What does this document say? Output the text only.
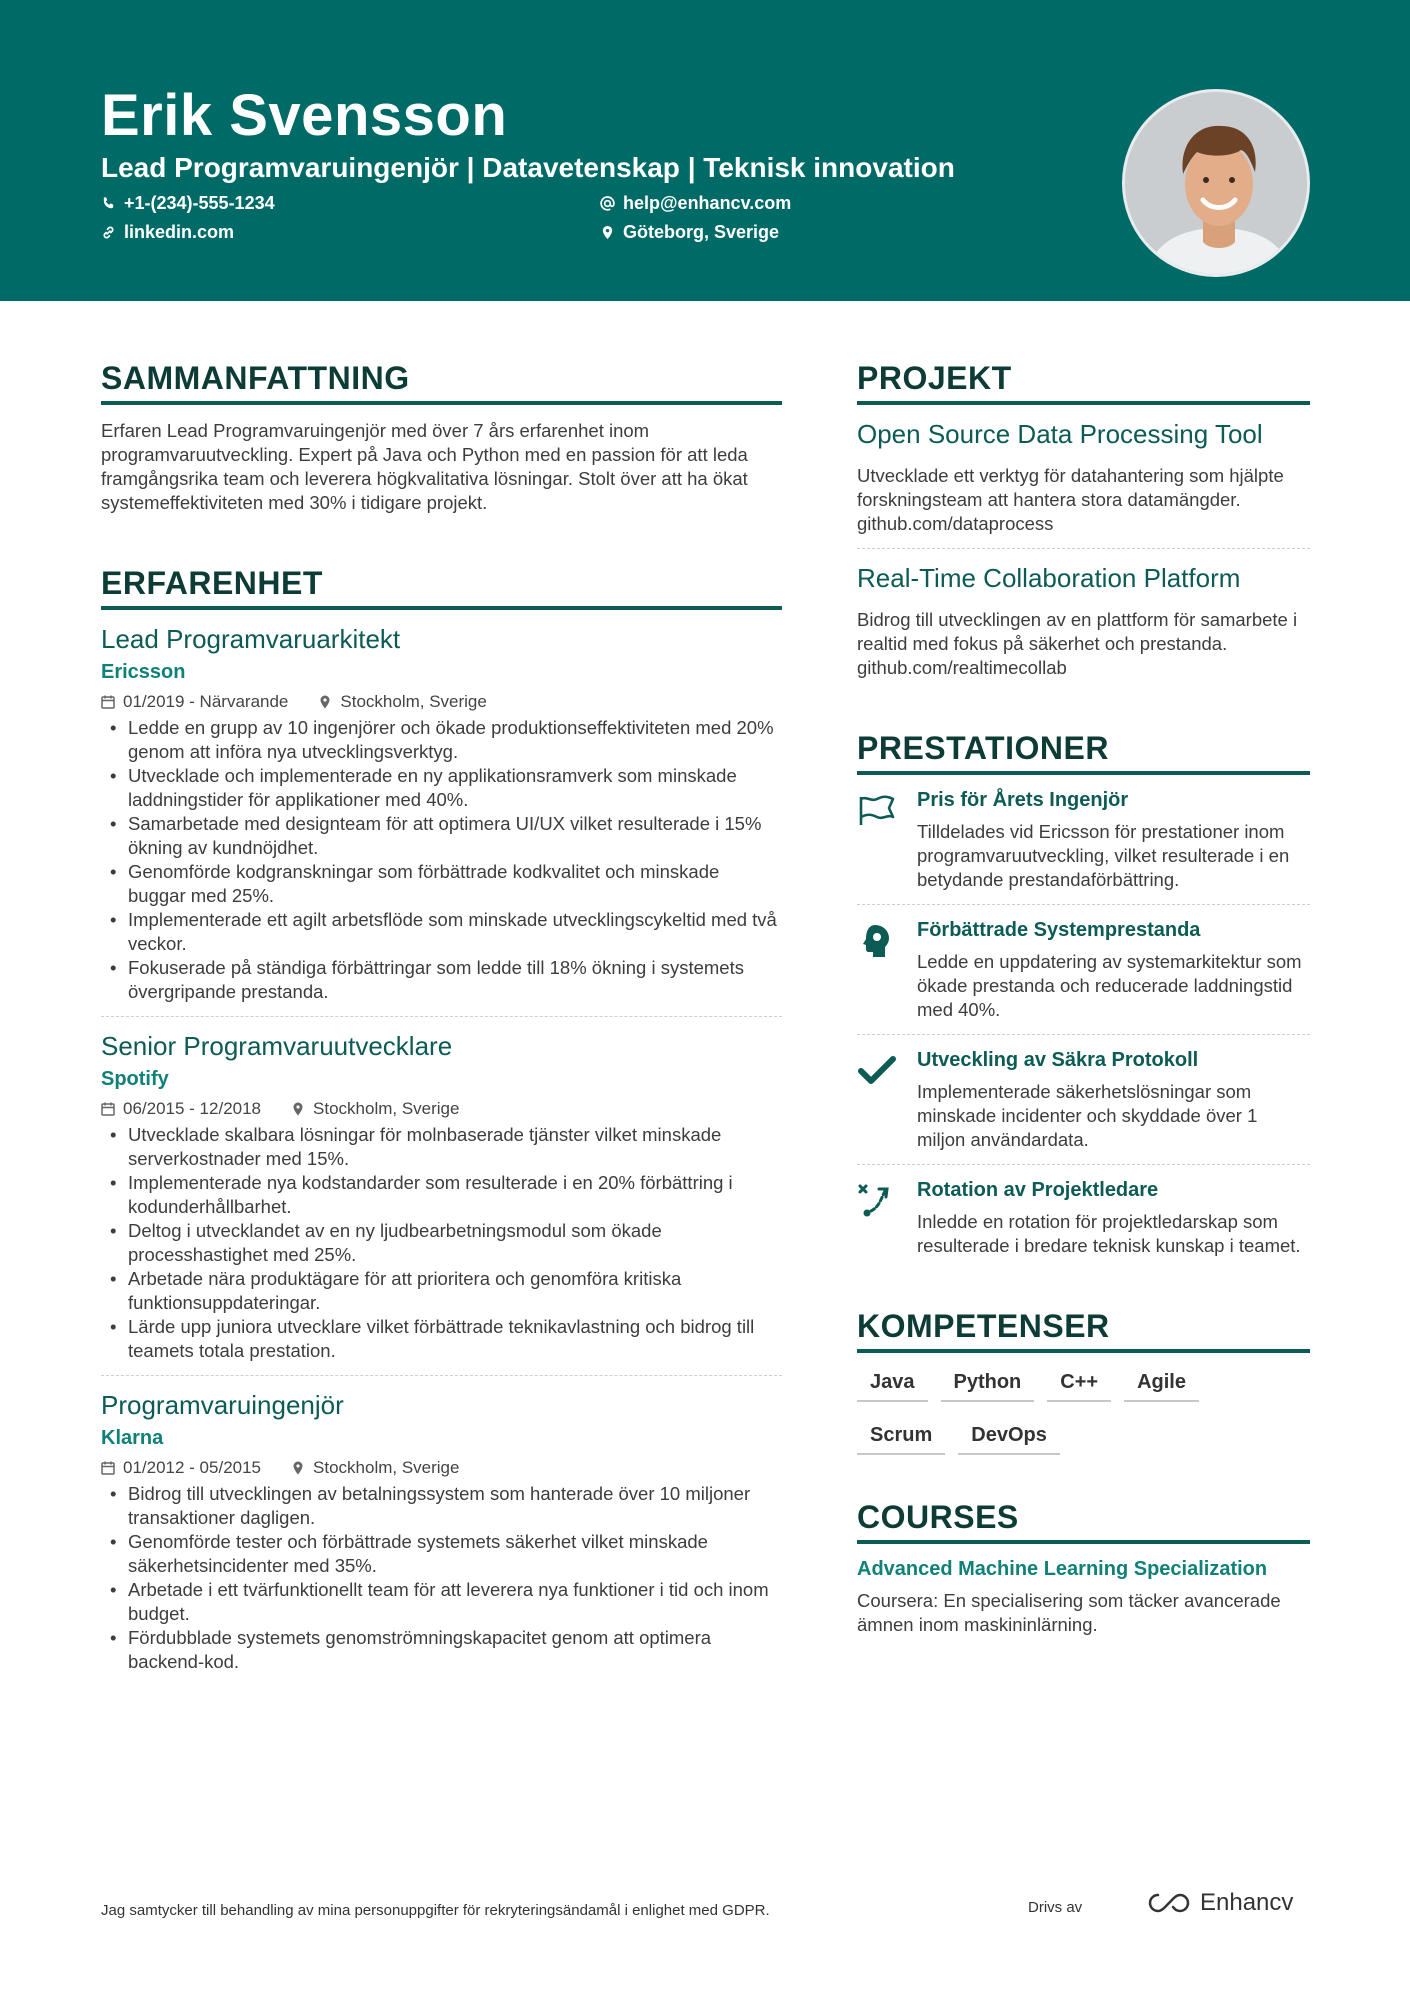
Erik Svensson
Lead Programvaruingenjör | Datavetenskap | Teknisk innovation
+1-(234)-555-1234	help@enhancv.com
linkedin.com	Göteborg, Sverige
SAMMANFATTNING

Erfaren Lead Programvaruingenjör med över 7 års erfarenhet inom programvaruutveckling. Expert på Java och Python med en passion för att leda framgångsrika team och leverera högkvalitativa lösningar. Stolt över att ha ökat systemeffektiviteten med 30% i tidigare projekt.

ERFARENHET
Lead Programvaruarkitekt
Ericsson
01/2019 - Närvarande	Stockholm, Sverige
• Ledde en grupp av 10 ingenjörer och ökade produktionseffektiviteten med 20% genom att införa nya utvecklingsverktyg.
• Utvecklade och implementerade en ny applikationsramverk som minskade laddningstider för applikationer med 40%.
• Samarbetade med designteam för att optimera UI/UX vilket resulterade i 15% ökning av kundnöjdhet.
• Genomförde kodgranskningar som förbättrade kodkvalitet och minskade buggar med 25%.
• Implementerade ett agilt arbetsflöde som minskade utvecklingscykeltid med två veckor.
• Fokuserade på ständiga förbättringar som ledde till 18% ökning i systemets övergripande prestanda.
Senior Programvaruutvecklare
Spotify
06/2015 - 12/2018	Stockholm, Sverige
• Utvecklade skalbara lösningar för molnbaserade tjänster vilket minskade serverkostnader med 15%.
• Implementerade nya kodstandarder som resulterade i en 20% förbättring i kodunderhållbarhet.
• Deltog i utvecklandet av en ny ljudbearbetningsmodul som ökade processhastighet med 25%.
• Arbetade nära produktägare för att prioritera och genomföra kritiska funktionsuppdateringar.
• Lärde upp juniora utvecklare vilket förbättrade teknikavlastning och bidrog till teamets totala prestation.
Programvaruingenjör
Klarna
01/2012 - 05/2015	Stockholm, Sverige
• Bidrog till utvecklingen av betalningssystem som hanterade över 10 miljoner transaktioner dagligen.
• Genomförde tester och förbättrade systemets säkerhet vilket minskade säkerhetsincidenter med 35%.
• Arbetade i ett tvärfunktionellt team för att leverera nya funktioner i tid och inom budget.
• Fördubblade systemets genomströmningskapacitet genom att optimera backend-kod.
PROJEKT
Open Source Data Processing Tool

Utvecklade ett verktyg för datahantering som hjälpte forskningsteam att hantera stora datamängder. github.com/dataprocess

Real-Time Collaboration Platform

Bidrog till utvecklingen av en plattform för samarbete i realtid med fokus på säkerhet och prestanda. github.com/realtimecollab

PRESTATIONER
Pris för Årets Ingenjör

Tilldelades vid Ericsson för prestationer inom programvaruutveckling, vilket resulterade i en betydande prestandaförbättring.

Förbättrade Systemprestanda

Ledde en uppdatering av systemarkitektur som ökade prestanda och reducerade laddningstid med 40%.

Utveckling av Säkra Protokoll

Implementerade säkerhetslösningar som minskade incidenter och skyddade över 1 miljon användardata.

Rotation av Projektledare

Inledde en rotation för projektledarskap som resulterade i bredare teknisk kunskap i teamet.

KOMPETENSER
Java	Python	C++	Agile
Scrum	DevOps
COURSES
Advanced Machine Learning Specialization

Coursera: En specialisering som täcker avancerade ämnen inom maskininlärning.

Jag samtycker till behandling av mina personuppgifter för rekryteringsändamål i enlighet med GDPR.	Drivs av	Enhancv
